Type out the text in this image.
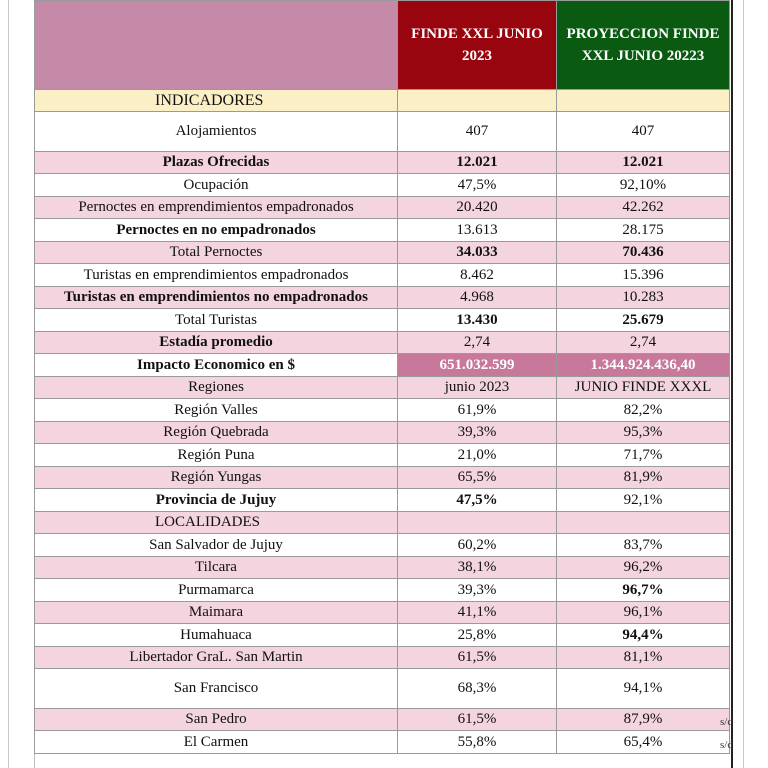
	FINDE XXL JUNIO 2023	PROYECCION FINDE XXL JUNIO 20223
INDICADORES		
Alojamientos	407	407
Plazas Ofrecidas	12.021	12.021
Ocupación	47,5%	92,10%
Pernoctes en emprendimientos empadronados	20.420	42.262
Pernoctes en no empadronados	13.613	28.175
Total Pernoctes	34.033	70.436
Turistas en emprendimientos empadronados	8.462	15.396
Turistas en emprendimientos no empadronados	4.968	10.283
Total Turistas	13.430	25.679
Estadía promedio	2,74	2,74
Impacto Economico en $	651.032.599	1.344.924.436,40
Regiones	junio 2023	JUNIO FINDE XXXL
Región Valles	61,9%	82,2%
Región Quebrada	39,3%	95,3%
Región Puna	21,0%	71,7%
Región Yungas	65,5%	81,9%
Provincia de Jujuy	47,5%	92,1%
LOCALIDADES		
San Salvador de Jujuy	60,2%	83,7%
Tilcara	38,1%	96,2%
Purmamarca	39,3%	96,7%
Maimara	41,1%	96,1%
Humahuaca	25,8%	94,4%
Libertador GraL. San Martin	61,5%	81,1%
San Francisco	68,3%	94,1%
San Pedro	61,5%	87,9%
El Carmen	55,8%	65,4%
s/d
s/d
